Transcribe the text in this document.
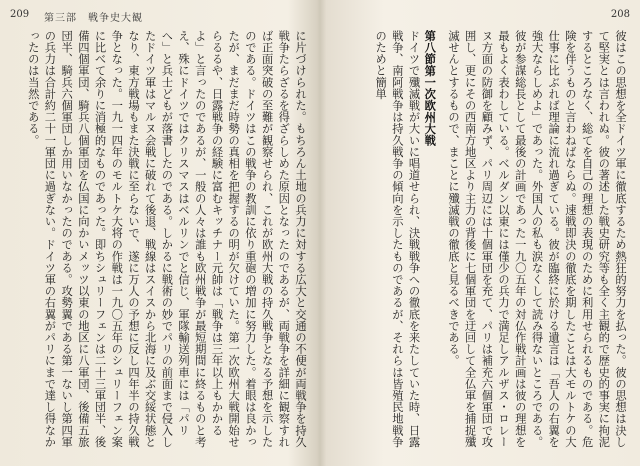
209 第三部　戦争史大観

に片づけられた。もちろん土地の兵力に対する広大と交通の不便が両戦争を持久戦争たらざるを得ざらしめた原因となったのであるが、両戦争を詳細に観察すれば正面突破の至難が観察せられ、これが欧州大戦の持久戦争となる予想を示したのである。ドイツはこの戦争の教訓に依り重砲の増加に努力した。着眼は良かったが、まだまだ時勢の真相を把握するの明が欠けていた。第一次欧州大戦開始せらるるや、日露戦争の経験に富むキッチナー元帥は「戦争は三年以上もかかるよ」と言ったのであるが、一般の人々は誰も欧州戦争が最短期間に終るものと考え、殊にドイツではクリスマスはベルリンでと信じ、軍隊輸送列車には「パリへ」と兵士どもが落書したのである。しかるに戦術の妙でパリの前面まで侵入したドイツ軍はマルヌ会戦に破れて後退、戦線はスイスから北海に及ぶ交綏状態となり、東方戦場もまた決戦に至らないで、遂に万人の予想に反し四年半の持久戦争となった。一九一四年のモルトケ大将の作戦は一九〇五年のシュリーフェン案に比べて余りに消極的なものであった。即ちシュリーフェンは二十三軍団半、後備四個軍団、騎兵八個軍団を仏国に向かいメッツ以東の地区に八軍団、後備五旅団半、騎兵六個軍団しか用いなかったのである。攻勢翼である第一ないし第四軍の兵力は合計約二十一軍団に過ぎない。ドイツ軍の右翼がパリにまで達し得なかったのは当然である。

208

彼はこの思想を全ドイツ軍に徹底するため熱狂的努力を払った。彼の思想は決して堅実とは言われぬ。彼の著述した戦史研究等も全く主観的で歴史的事実に拘泥するところなく、総てを自己の理想の表現のために利用せられるものである。危険を伴うものと言わねばならぬ。速戦即決の徹底を期したことは大モルトケの大仕事に比ぶれば理論に流れ過ぎている。彼が臨終に於ける遺言は「吾人の右翼を強大ならしめよ」であった。外国人の私も涙なくして読み得ないところである。

彼が参謀総長として最後の計画であった一九〇五年の対仏作戦計画は彼の理想を最もよく表わしている。ベルダン以東には僅少の兵力で満足しアルザス・ロレーヌ方面の防御を顧みず、パリ周辺には十個軍団を充て、パリは補充六個軍団で攻囲し、更にその西南方地区より主力の背後に七個軍団を迂回して全仏軍を捕捉殲滅せんとするもので、まことに殲滅戦の徹底と見るべきである。

第八節第一次欧州大戦

ドイツで殲滅戦が大いに唱道せられ、決戦戦争への徹底を来たしていた時、日露戦争、南阿戦争は持久戦争の傾向を示したものであるが、それらは皆殖民地戦争のためと簡単
